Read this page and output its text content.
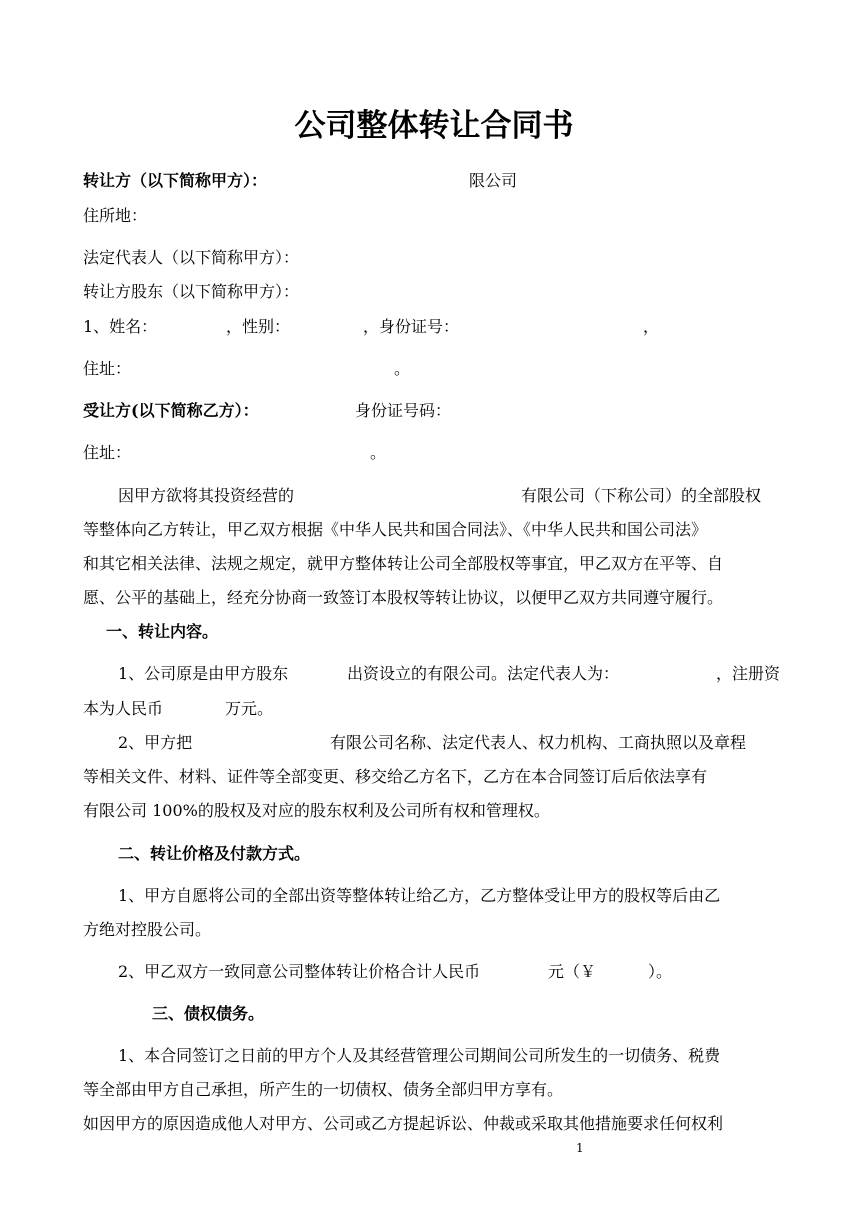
公司整体转让合同书
转让方（以下简称甲方）：	限公司
住所地：
法定代表人（以下简称甲方）：
转让方股东（以下简称甲方）：
1、姓名：	，性别：	，身份证号：	，
住址：	。
受让方(以下简称乙方）：	身份证号码：
住址：	。
因甲方欲将其投资经营的	有限公司（下称公司）的全部股权
等整体向乙方转让，甲乙双方根据《中华人民共和国合同法》、《中华人民共和国公司法》
和其它相关法律、法规之规定，就甲方整体转让公司全部股权等事宜，甲乙双方在平等、自
愿、公平的基础上，经充分协商一致签订本股权等转让协议，以便甲乙双方共同遵守履行。
一、转让内容。
1、公司原是由甲方股东	出资设立的有限公司。法定代表人为：	，注册资
本为人民币	万元。
2、甲方把	有限公司名称、法定代表人、权力机构、工商执照以及章程
等相关文件、材料、证件等全部变更、移交给乙方名下，乙方在本合同签订后后依法享有
有限公司 100%的股权及对应的股东权利及公司所有权和管理权。
二、转让价格及付款方式。
1、甲方自愿将公司的全部出资等整体转让给乙方，乙方整体受让甲方的股权等后由乙
方绝对控股公司。
2、甲乙双方一致同意公司整体转让价格合计人民币	元（￥	）。
三、债权债务。
1、本合同签订之日前的甲方个人及其经营管理公司期间公司所发生的一切债务、税费
等全部由甲方自己承担，所产生的一切债权、债务全部归甲方享有。
如因甲方的原因造成他人对甲方、公司或乙方提起诉讼、仲裁或采取其他措施要求任何权利
1
